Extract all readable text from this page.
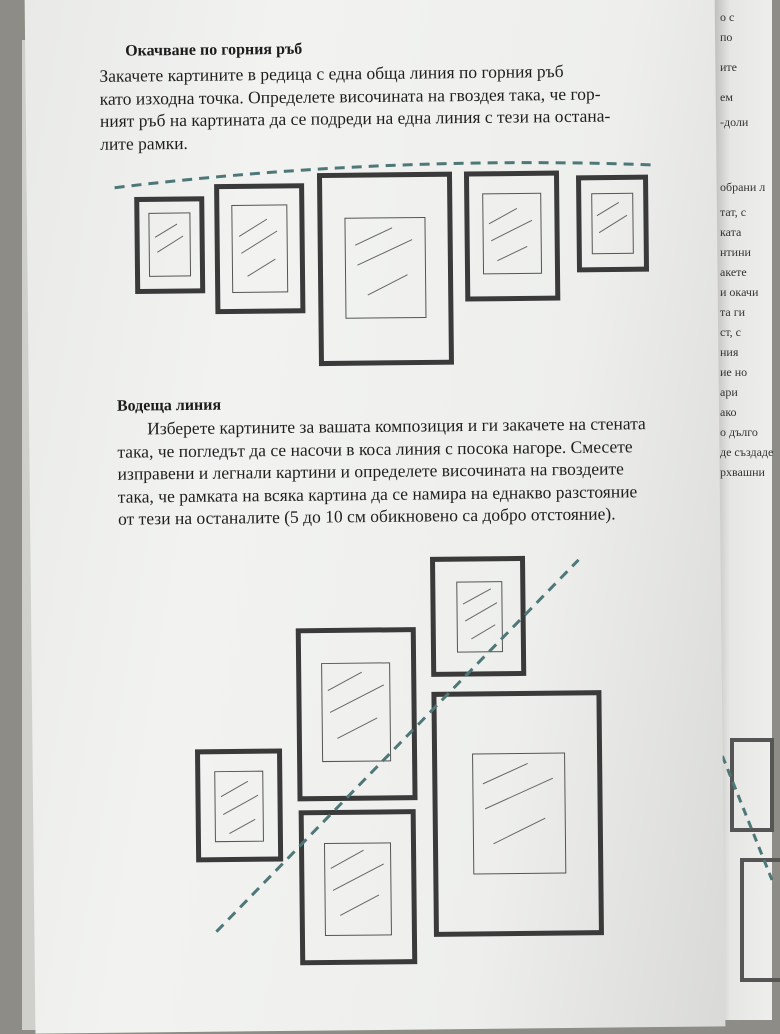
о с
по
ите
ем
-доли
обрани л
тат, с
ката
нтини
акете
и окачи
та ги
ст, с
ния
ие но
ари
ако
о дълго
де създаде
рхвашни
Окачване по горния ръб
Закачете картините в редица с една обща линия по горния ръб
като изходна точка. Определете височината на гвоздея така, че гор-
ният ръб на картината да се подреди на една линия с тези на остана-
лите рамки.
Водеща линия
Изберете картините за вашата композиция и ги закачете на стената
така, че погледът да се насочи в коса линия с посока нагоре. Смесете
изправени и легнали картини и определете височината на гвоздеите
така, че рамката на всяка картина да се намира на еднакво разстояние
от тези на останалите (5 до 10 см обикновено са добро отстояние).
